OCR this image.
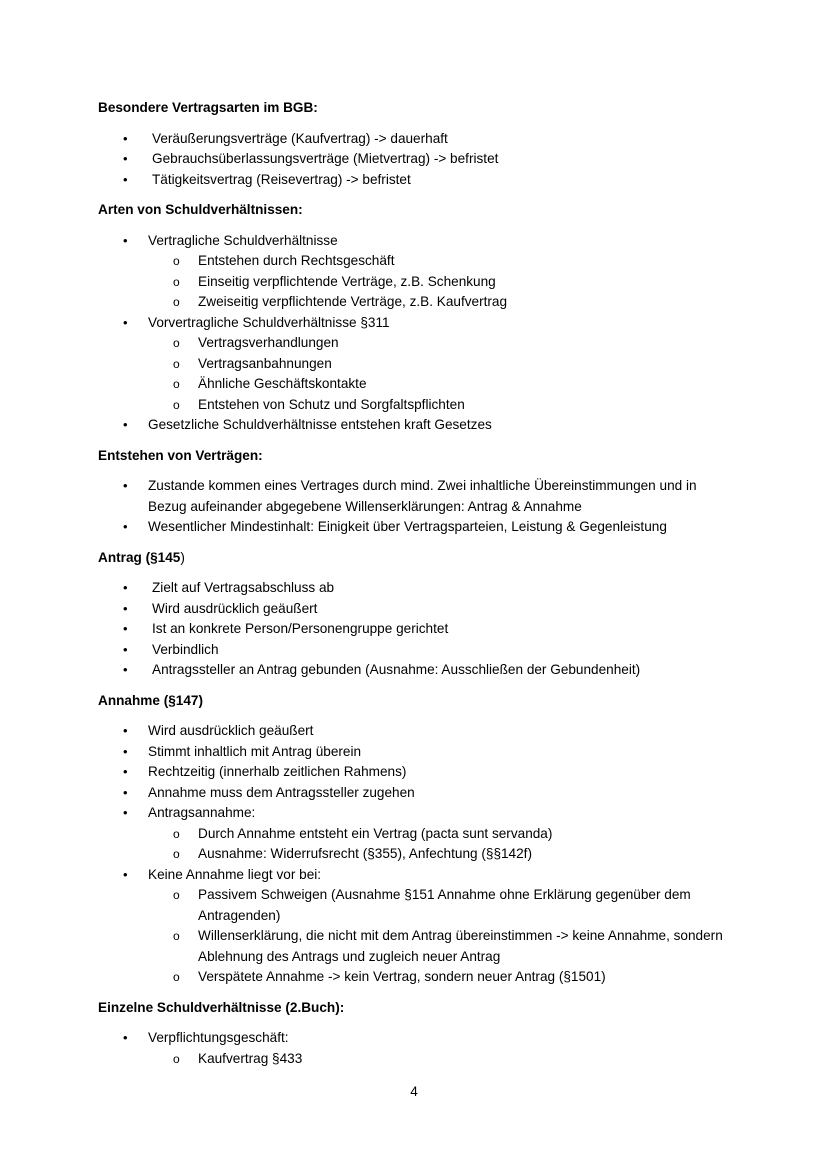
Besondere Vertragsarten im BGB:
• Veräußerungsverträge (Kaufvertrag) -> dauerhaft
• Gebrauchsüberlassungsverträge (Mietvertrag) -> befristet
• Tätigkeitsvertrag (Reisevertrag) -> befristet
Arten von Schuldverhältnissen:
• Vertragliche Schuldverhältnisse
o Entstehen durch Rechtsgeschäft
o Einseitig verpflichtende Verträge, z.B. Schenkung
o Zweiseitig verpflichtende Verträge, z.B. Kaufvertrag
• Vorvertragliche Schuldverhältnisse §311
o Vertragsverhandlungen
o Vertragsanbahnungen
o Ähnliche Geschäftskontakte
o Entstehen von Schutz und Sorgfaltspflichten
• Gesetzliche Schuldverhältnisse entstehen kraft Gesetzes
Entstehen von Verträgen:
• Zustande kommen eines Vertrages durch mind. Zwei inhaltliche Übereinstimmungen und in Bezug aufeinander abgegebene Willenserklärungen: Antrag & Annahme
• Wesentlicher Mindestinhalt: Einigkeit über Vertragsparteien, Leistung & Gegenleistung
Antrag (§145)
• Zielt auf Vertragsabschluss ab
• Wird ausdrücklich geäußert
• Ist an konkrete Person/Personengruppe gerichtet
• Verbindlich
• Antragssteller an Antrag gebunden (Ausnahme: Ausschließen der Gebundenheit)
Annahme (§147)
• Wird ausdrücklich geäußert
• Stimmt inhaltlich mit Antrag überein
• Rechtzeitig (innerhalb zeitlichen Rahmens)
• Annahme muss dem Antragssteller zugehen
• Antragsannahme:
o Durch Annahme entsteht ein Vertrag (pacta sunt servanda)
o Ausnahme: Widerrufsrecht (§355), Anfechtung (§§142f)
• Keine Annahme liegt vor bei:
o Passivem Schweigen (Ausnahme §151 Annahme ohne Erklärung gegenüber dem Antragenden)
o Willenserklärung, die nicht mit dem Antrag übereinstimmen -> keine Annahme, sondern Ablehnung des Antrags und zugleich neuer Antrag
o Verspätete Annahme -> kein Vertrag, sondern neuer Antrag (§1501)
Einzelne Schuldverhältnisse (2.Buch):
• Verpflichtungsgeschäft:
o Kaufvertrag §433
4
